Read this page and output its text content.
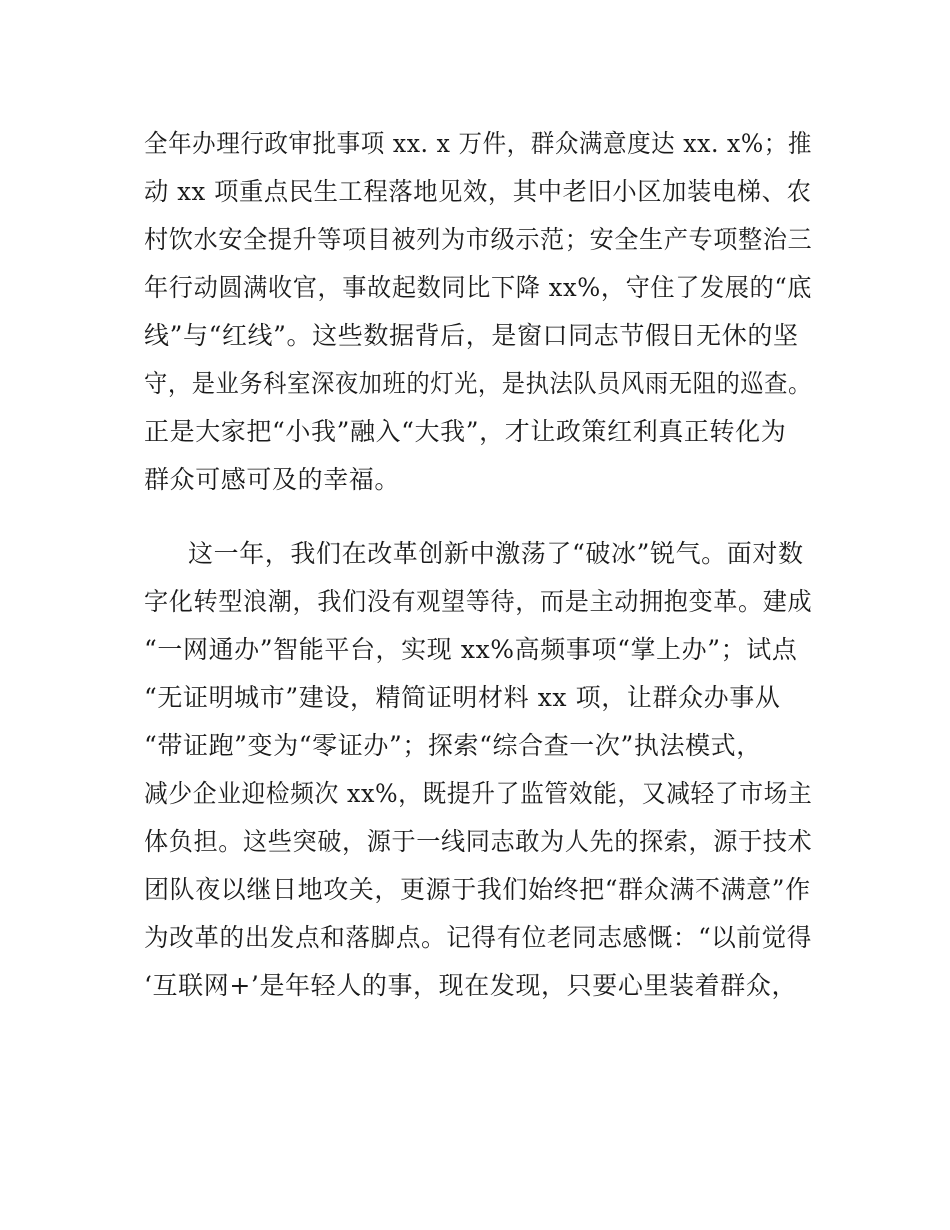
全年办理行政审批事项 xx. x 万件，群众满意度达 xx. x%；推
动 xx 项重点民生工程落地见效，其中老旧小区加装电梯、农
村饮水安全提升等项目被列为市级示范；安全生产专项整治三
年行动圆满收官，事故起数同比下降 xx%，守住了发展的“底
线”与“红线”。这些数据背后，是窗口同志节假日无休的坚
守，是业务科室深夜加班的灯光，是执法队员风雨无阻的巡查。
正是大家把“小我”融入“大我”，才让政策红利真正转化为
群众可感可及的幸福。
这一年，我们在改革创新中激荡了“破冰”锐气。面对数
字化转型浪潮，我们没有观望等待，而是主动拥抱变革。建成
“一网通办”智能平台，实现 xx%高频事项“掌上办”；试点
“无证明城市”建设，精简证明材料 xx 项，让群众办事从
“带证跑”变为“零证办”；探索“综合查一次”执法模式，
减少企业迎检频次 xx%，既提升了监管效能，又减轻了市场主
体负担。这些突破，源于一线同志敢为人先的探索，源于技术
团队夜以继日地攻关，更源于我们始终把“群众满不满意”作
为改革的出发点和落脚点。记得有位老同志感慨：“以前觉得
‘互联网+’是年轻人的事，现在发现，只要心里装着群众，
